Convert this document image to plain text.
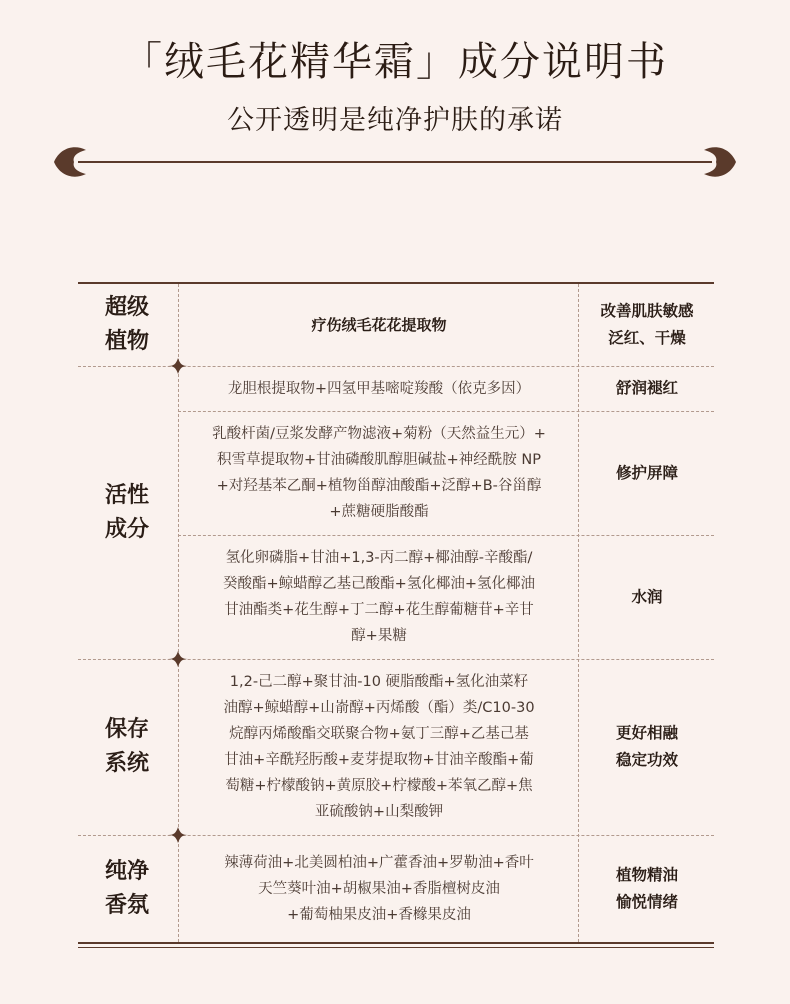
「绒毛花精华霜」成分说明书
公开透明是纯净护肤的承诺
超级
植物
疗伤绒毛花花提取物
改善肌肤敏感
泛红、干燥
活性
成分
龙胆根提取物+四氢甲基嘧啶羧酸（依克多因）	舒润褪红
乳酸杆菌/豆浆发酵产物滤液+菊粉（天然益生元）+
积雪草提取物+甘油磷酸肌醇胆碱盐+神经酰胺 NP
+对羟基苯乙酮+植物甾醇油酸酯+泛醇+B-谷甾醇
+蔗糖硬脂酸酯
修护屏障
氢化卵磷脂+甘油+1,3-丙二醇+椰油醇-辛酸酯/
癸酸酯+鲸蜡醇乙基己酸酯+氢化椰油+氢化椰油
甘油酯类+花生醇+丁二醇+花生醇葡糖苷+辛甘
醇+果糖
水润
保存
系统
1,2-己二醇+聚甘油-10 硬脂酸酯+氢化油菜籽
油醇+鲸蜡醇+山嵛醇+丙烯酸（酯）类/C10-30
烷醇丙烯酸酯交联聚合物+氨丁三醇+乙基己基
甘油+辛酰羟肟酸+麦芽提取物+甘油辛酸酯+葡
萄糖+柠檬酸钠+黄原胶+柠檬酸+苯氧乙醇+焦
亚硫酸钠+山梨酸钾
更好相融
稳定功效
纯净
香氛
辣薄荷油+北美圆柏油+广藿香油+罗勒油+香叶
天竺葵叶油+胡椒果油+香脂檀树皮油
+葡萄柚果皮油+香橼果皮油
植物精油
愉悦情绪
